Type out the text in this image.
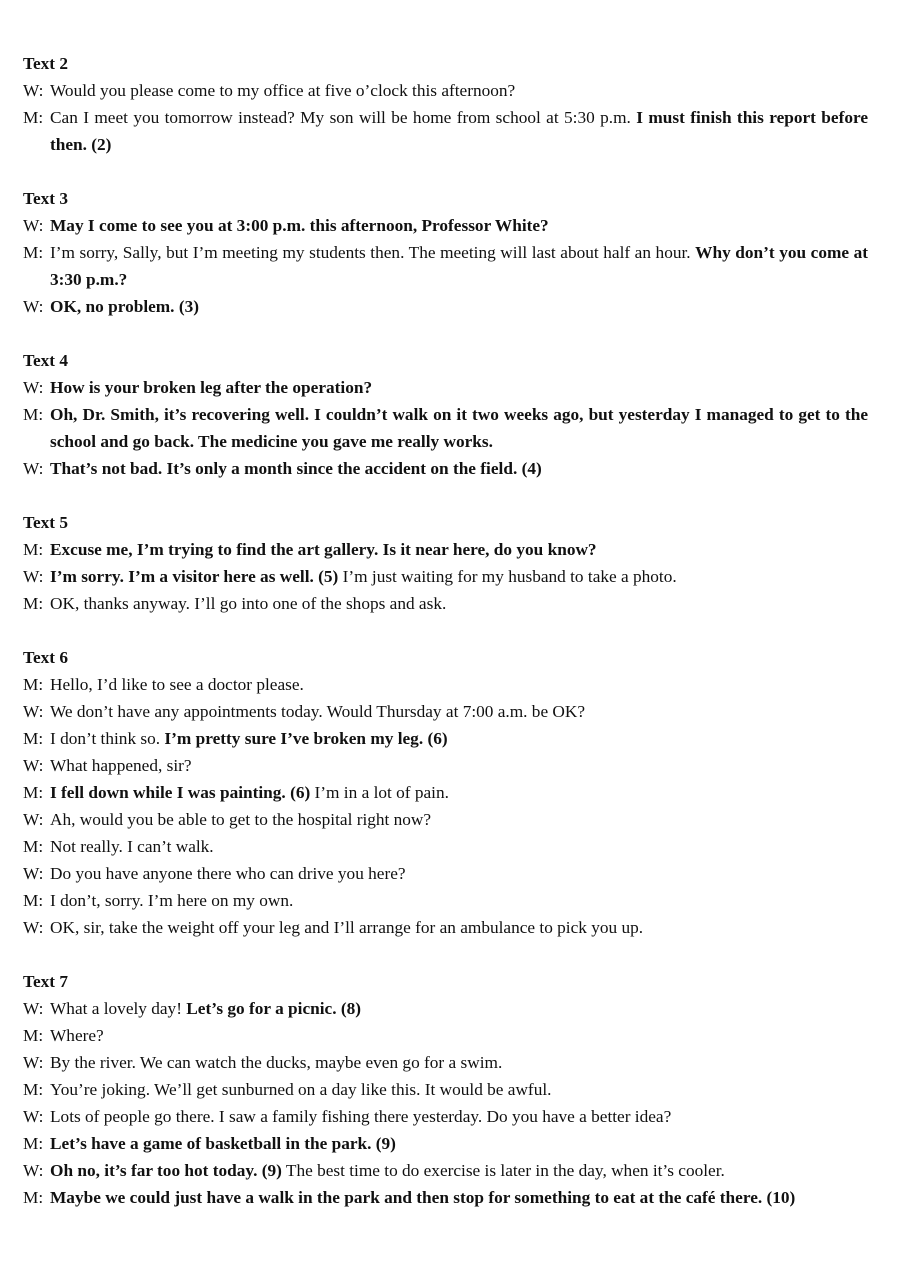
Text 2
W: Would you please come to my office at five o’clock this afternoon?
M: Can I meet you tomorrow instead? My son will be home from school at 5:30 p.m. I must finish this report before then. (2)
Text 3
W: May I come to see you at 3:00 p.m. this afternoon, Professor White?
M: I’m sorry, Sally, but I’m meeting my students then. The meeting will last about half an hour. Why don’t you come at 3:30 p.m.?
W: OK, no problem. (3)
Text 4
W: How is your broken leg after the operation?
M: Oh, Dr. Smith, it’s recovering well. I couldn’t walk on it two weeks ago, but yesterday I managed to get to the school and go back. The medicine you gave me really works.
W: That’s not bad. It’s only a month since the accident on the field. (4)
Text 5
M: Excuse me, I’m trying to find the art gallery. Is it near here, do you know?
W: I’m sorry. I’m a visitor here as well. (5) I’m just waiting for my husband to take a photo.
M: OK, thanks anyway. I’ll go into one of the shops and ask.
Text 6
M: Hello, I’d like to see a doctor please.
W: We don’t have any appointments today. Would Thursday at 7:00 a.m. be OK?
M: I don’t think so. I’m pretty sure I’ve broken my leg. (6)
W: What happened, sir?
M: I fell down while I was painting. (6) I’m in a lot of pain.
W: Ah, would you be able to get to the hospital right now?
M: Not really. I can’t walk.
W: Do you have anyone there who can drive you here?
M: I don’t, sorry. I’m here on my own.
W: OK, sir, take the weight off your leg and I’ll arrange for an ambulance to pick you up.
Text 7
W: What a lovely day! Let’s go for a picnic. (8)
M: Where?
W: By the river. We can watch the ducks, maybe even go for a swim.
M: You’re joking. We’ll get sunburned on a day like this. It would be awful.
W: Lots of people go there. I saw a family fishing there yesterday. Do you have a better idea?
M: Let’s have a game of basketball in the park. (9)
W: Oh no, it’s far too hot today. (9) The best time to do exercise is later in the day, when it’s cooler.
M: Maybe we could just have a walk in the park and then stop for something to eat at the café there. (10)
